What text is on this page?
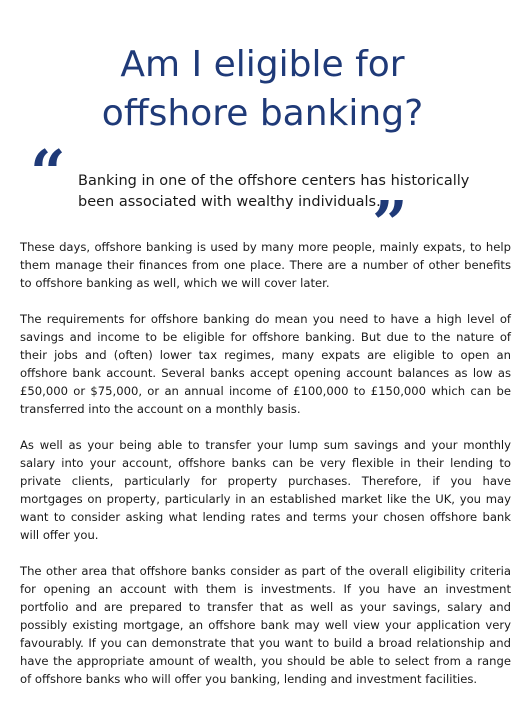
Am I eligible for
offshore banking?
“ Banking in one of the offshore centers has historically been associated with wealthy individuals.

”

These days, offshore banking is used by many more people, mainly expats, to help them manage their finances from one place. There are a number of other benefits to offshore banking as well, which we will cover later.

The requirements for offshore banking do mean you need to have a high level of savings and income to be eligible for offshore banking. But due to the nature of their jobs and (often) lower tax regimes, many expats are eligible to open an offshore bank account. Several banks accept opening account balances as low as £50,000 or $75,000, or an annual income of £100,000 to £150,000 which can be transferred into the account on a monthly basis.

As well as your being able to transfer your lump sum savings and your monthly salary into your account, offshore banks can be very flexible in their lending to private clients, particularly for property purchases. Therefore, if you have mortgages on property, particularly in an established market like the UK, you may want to consider asking what lending rates and terms your chosen offshore bank will offer you.

The other area that offshore banks consider as part of the overall eligibility criteria for opening an account with them is investments. If you have an investment portfolio and are prepared to transfer that as well as your savings, salary and possibly existing mortgage, an offshore bank may well view your application very favourably. If you can demonstrate that you want to build a broad relationship and have the appropriate amount of wealth, you should be able to select from a range of offshore banks who will offer you banking, lending and investment facilities.
